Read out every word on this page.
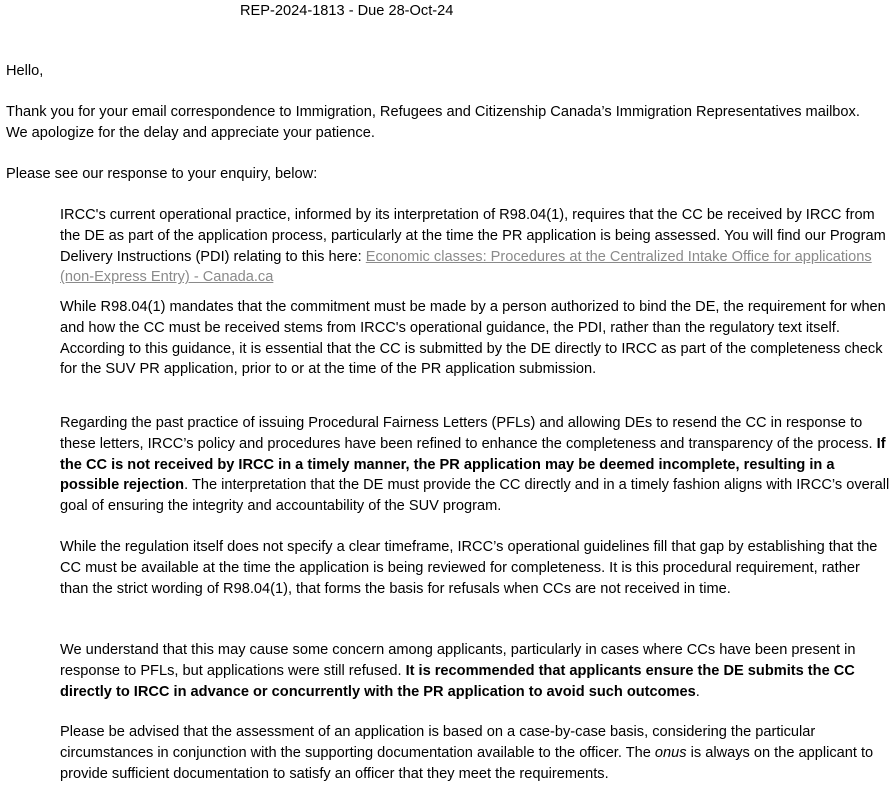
REP-2024-1813 - Due 28-Oct-24

Hello,

Thank you for your email correspondence to Immigration, Refugees and Citizenship Canada’s Immigration Representatives mailbox. We apologize for the delay and appreciate your patience.

Please see our response to your enquiry, below:

IRCC's current operational practice, informed by its interpretation of R98.04(1), requires that the CC be received by IRCC from the DE as part of the application process, particularly at the time the PR application is being assessed. You will find our Program Delivery Instructions (PDI) relating to this here: Economic classes: Procedures at the Centralized Intake Office for applications (non-Express Entry) - Canada.ca

While R98.04(1) mandates that the commitment must be made by a person authorized to bind the DE, the requirement for when and how the CC must be received stems from IRCC's operational guidance, the PDI, rather than the regulatory text itself. According to this guidance, it is essential that the CC is submitted by the DE directly to IRCC as part of the completeness check for the SUV PR application, prior to or at the time of the PR application submission.

Regarding the past practice of issuing Procedural Fairness Letters (PFLs) and allowing DEs to resend the CC in response to these letters, IRCC’s policy and procedures have been refined to enhance the completeness and transparency of the process. If the CC is not received by IRCC in a timely manner, the PR application may be deemed incomplete, resulting in a possible rejection. The interpretation that the DE must provide the CC directly and in a timely fashion aligns with IRCC’s overall goal of ensuring the integrity and accountability of the SUV program.

While the regulation itself does not specify a clear timeframe, IRCC’s operational guidelines fill that gap by establishing that the CC must be available at the time the application is being reviewed for completeness. It is this procedural requirement, rather than the strict wording of R98.04(1), that forms the basis for refusals when CCs are not received in time.

We understand that this may cause some concern among applicants, particularly in cases where CCs have been present in response to PFLs, but applications were still refused. It is recommended that applicants ensure the DE submits the CC directly to IRCC in advance or concurrently with the PR application to avoid such outcomes.

Please be advised that the assessment of an application is based on a case-by-case basis, considering the particular circumstances in conjunction with the supporting documentation available to the officer. The onus is always on the applicant to provide sufficient documentation to satisfy an officer that they meet the requirements.
